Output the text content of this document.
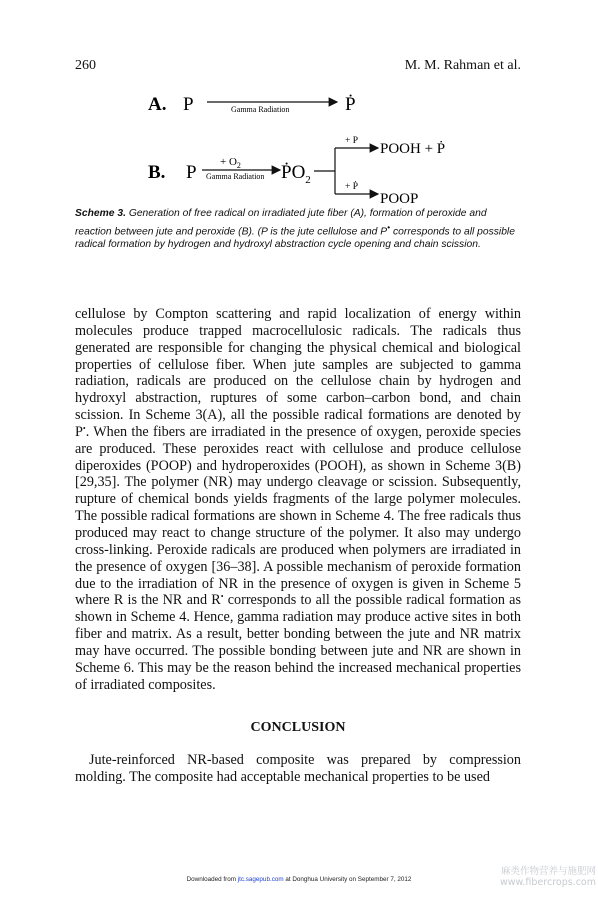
260	M. M. Rahman et al.
A. P	Gamma Radiation	Ṗ
B. $P + O_2$
Gamma Radiation ṖO$_2$
+ P
+ Ṗ
POOH + Ṗ
POOP
Scheme 3. Generation of free radical on irradiated jute fiber (A), formation of peroxide and reaction between jute and peroxide (B). (P is the jute cellulose and P• corresponds to all possible radical formation by hydrogen and hydroxyl abstraction cycle opening and chain scission.

cellulose by Compton scattering and rapid localization of energy within molecules produce trapped macrocellulosic radicals. The radicals thus generated are responsible for changing the physical chemical and biological properties of cellulose fiber. When jute samples are subjected to gamma radiation, radicals are produced on the cellulose chain by hydrogen and hydroxyl abstraction, ruptures of some carbon–carbon bond, and chain scission. In Scheme 3(A), all the possible radical formations are denoted by P•. When the fibers are irradiated in the presence of oxygen, peroxide species are produced. These peroxides react with cellulose and produce cellulose diperoxides (POOP) and hydroperoxides (POOH), as shown in Scheme 3(B) [29,35]. The polymer (NR) may undergo cleavage or scission. Subsequently, rupture of chemical bonds yields fragments of the large polymer molecules. The possible radical formations are shown in Scheme 4. The free radicals thus produced may react to change structure of the polymer. It also may undergo cross-linking. Peroxide radicals are produced when polymers are irradiated in the presence of oxygen [36–38]. A possible mechanism of peroxide formation due to the irradiation of NR in the presence of oxygen is given in Scheme 5 where R is the NR and R• corresponds to all the possible radical formation as shown in Scheme 4. Hence, gamma radiation may produce active sites in both fiber and matrix. As a result, better bonding between the jute and NR matrix may have occurred. The possible bonding between jute and NR are shown in Scheme 6. This may be the reason behind the increased mechanical properties of irradiated composites.

CONCLUSION

Jute-reinforced NR-based composite was prepared by compression molding. The composite had acceptable mechanical properties to be used

Downloaded from jtc.sagepub.com at Donghua University on September 7, 2012
麻类作物营养与施肥网
www.fibercrops.com
